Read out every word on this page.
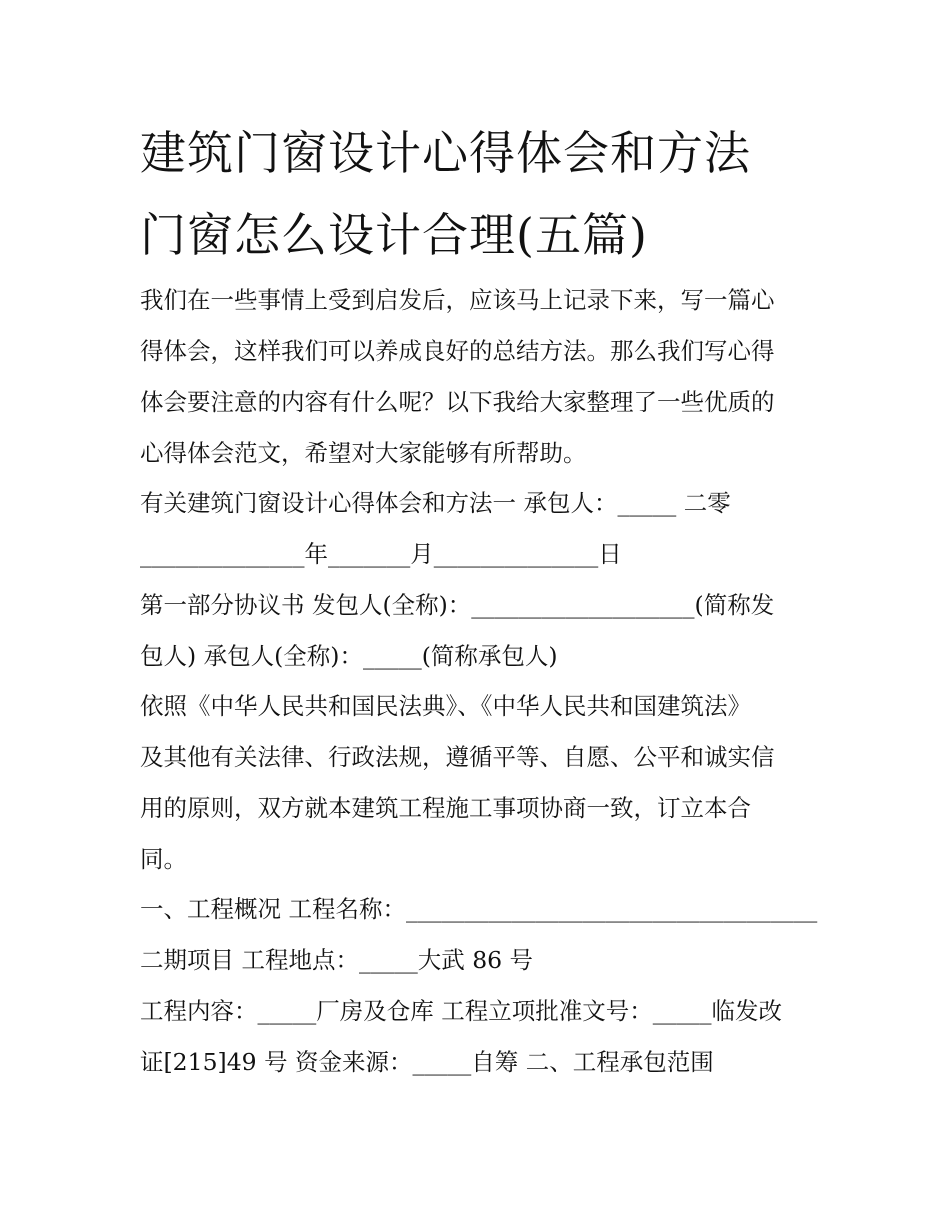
建筑门窗设计心得体会和方法
门窗怎么设计合理(五篇)

我们在一些事情上受到启发后，应该马上记录下来，写一篇心

得体会，这样我们可以养成良好的总结方法。那么我们写心得

体会要注意的内容有什么呢？以下我给大家整理了一些优质的

心得体会范文，希望对大家能够有所帮助。

有关建筑门窗设计心得体会和方法一 承包人：_____ 二零

______________年_______月______________日

第一部分协议书 发包人(全称)：___________________(简称发

包人) 承包人(全称)：_____(简称承包人)

依照《中华人民共和国民法典》、《中华人民共和国建筑法》

及其他有关法律、行政法规，遵循平等、自愿、公平和诚实信

用的原则，双方就本建筑工程施工事项协商一致，订立本合

同。

一、工程概况 工程名称：___________________________________

二期项目 工程地点：_____大武 86 号

工程内容：_____厂房及仓库 工程立项批准文号：_____临发改

证[215]49 号 资金来源：_____自筹 二、工程承包范围
